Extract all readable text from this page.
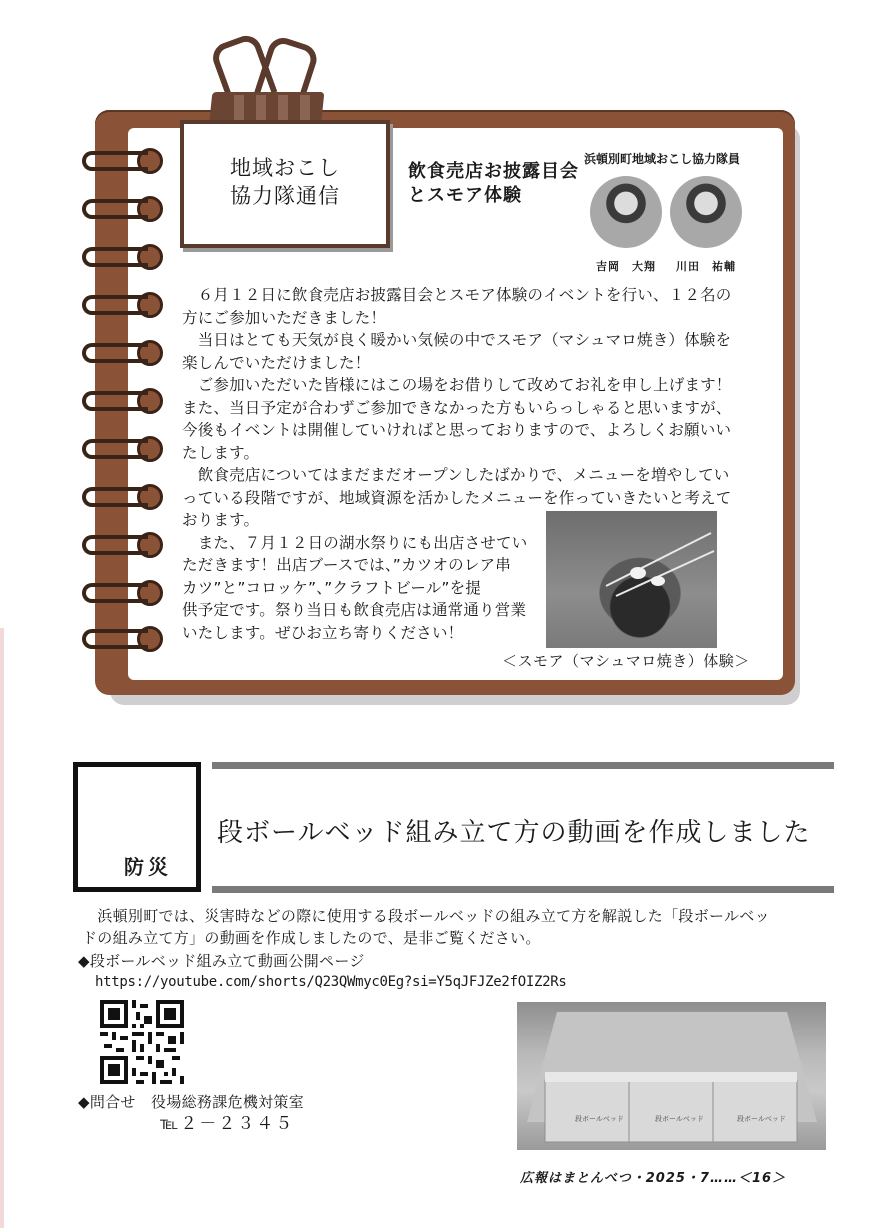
地域おこし
協力隊通信
飲食売店お披露目会
とスモア体験
浜頓別町地域おこし協力隊員
吉岡　大翔 川田　祐輔
　６月１２日に飲食売店お披露目会とスモア体験のイベントを行い、１２名の
方にご参加いただきました！
　当日はとても天気が良く暖かい気候の中でスモア（マシュマロ焼き）体験を
楽しんでいただけました！
　ご参加いただいた皆様にはこの場をお借りして改めてお礼を申し上げます！
また、当日予定が合わずご参加できなかった方もいらっしゃると思いますが、
今後もイベントは開催していければと思っておりますので、よろしくお願いい
たします。
　飲食売店についてはまだまだオープンしたばかりで、メニューを増やしてい
っている段階ですが、地域資源を活かしたメニューを作っていきたいと考えて
おります。
　また、７月１２日の湖水祭りにも出店させてい
ただきます！出店ブースでは、”カツオのレア串
カツ”と”コロッケ”、”クラフトビール”を提
供予定です。祭り当日も飲食売店は通常通り営業
いたします。ぜひお立ち寄りください！
＜スモア（マシュマロ焼き）体験＞
防災
段ボールベッド組み立て方の動画を作成しました
　浜頓別町では、災害時などの際に使用する段ボールベッドの組み立て方を解説した「段ボールベッ
ドの組み立て方」の動画を作成しましたので、是非ご覧ください。
◆段ボールベッド組み立て動画公開ページ
https://youtube.com/shorts/Q23QWmyc0Eg?si=Y5qJFJZe2fOIZ2Rs
段ボールベッド	段ボールベッド	段ボールベッド
◆問合せ　役場総務課危機対策室
℡２－２３４５
広報はまとんべつ・2025・7……＜16＞
